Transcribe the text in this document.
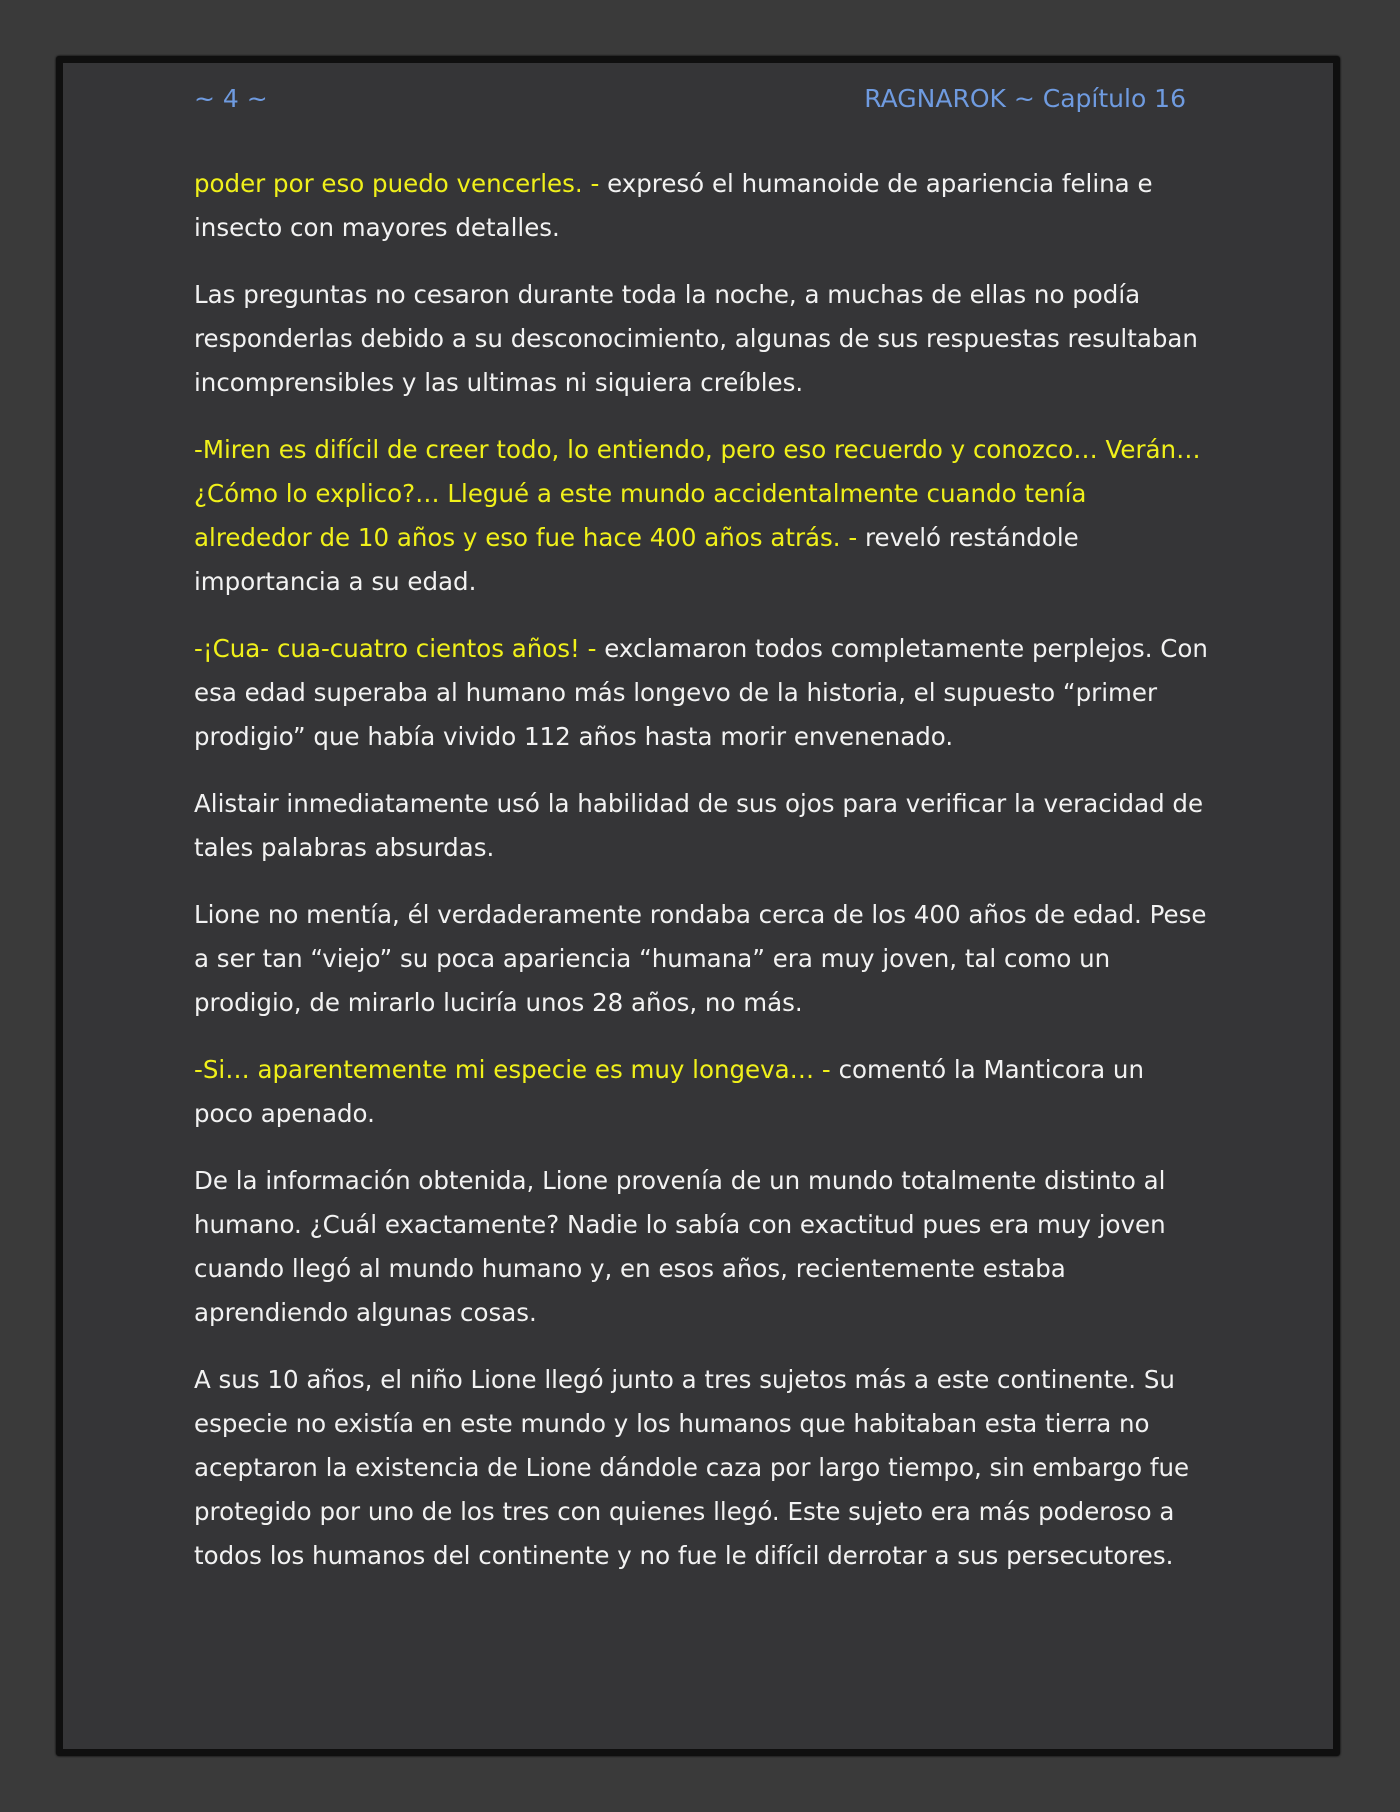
~ 4 ~	RAGNAROK ~ Capítulo 16

poder por eso puedo vencerles. - expresó el humanoide de apariencia felina e insecto con mayores detalles.

Las preguntas no cesaron durante toda la noche, a muchas de ellas no podía responderlas debido a su desconocimiento, algunas de sus respuestas resultaban incomprensibles y las ultimas ni siquiera creíbles.

-Miren es difícil de creer todo, lo entiendo, pero eso recuerdo y conozco… Verán… ¿Cómo lo explico?… Llegué a este mundo accidentalmente cuando tenía alrededor de 10 años y eso fue hace 400 años atrás. - reveló restándole importancia a su edad.

-¡Cua- cua-cuatro cientos años! - exclamaron todos completamente perplejos. Con esa edad superaba al humano más longevo de la historia, el supuesto “primer prodigio” que había vivido 112 años hasta morir envenenado.

Alistair inmediatamente usó la habilidad de sus ojos para verificar la veracidad de tales palabras absurdas.

Lione no mentía, él verdaderamente rondaba cerca de los 400 años de edad. Pese a ser tan “viejo” su poca apariencia “humana” era muy joven, tal como un prodigio, de mirarlo luciría unos 28 años, no más.

-Si… aparentemente mi especie es muy longeva… - comentó la Manticora un poco apenado.

De la información obtenida, Lione provenía de un mundo totalmente distinto al humano. ¿Cuál exactamente? Nadie lo sabía con exactitud pues era muy joven cuando llegó al mundo humano y, en esos años, recientemente estaba aprendiendo algunas cosas.

A sus 10 años, el niño Lione llegó junto a tres sujetos más a este continente. Su especie no existía en este mundo y los humanos que habitaban esta tierra no aceptaron la existencia de Lione dándole caza por largo tiempo, sin embargo fue protegido por uno de los tres con quienes llegó. Este sujeto era más poderoso a todos los humanos del continente y no fue le difícil derrotar a sus persecutores.
